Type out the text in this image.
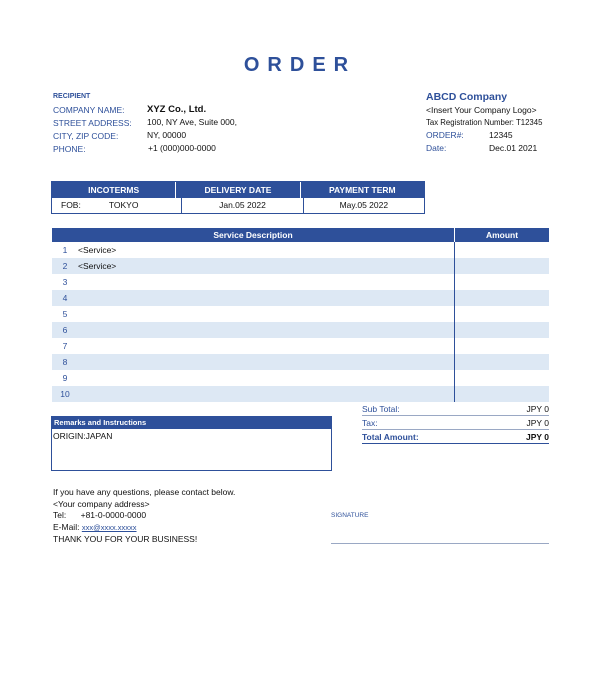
ORDER
RECIPIENT
COMPANY NAME: XYZ Co., Ltd.
STREET ADDRESS: 100, NY Ave, Suite 000,
CITY, ZIP CODE:	NY, 00000
PHONE:	+1 (000)000-0000
ABCD Company
<Insert Your Company Logo>
Tax Registration Number: T12345
ORDER#:	12345
Date:	Dec.01 2021
INCOTERMS	DELIVERY DATE	PAYMENT TERM
FOB:	TOKYO	Jan.05 2022	May.05 2022
Service Description	Amount
1	<Service>
2	<Service>
3
4
5
6
7
8
9
10
Sub Total:	JPY 0
Tax:	JPY 0
Total Amount:	JPY 0
Remarks and Instructions
ORIGIN:JAPAN
If you have any questions, please contact below.
<Your company address>
Tel: +81-0-0000-0000
E-Mail: xxx@xxxx.xxxxx
THANK YOU FOR YOUR BUSINESS!
SIGNATURE
